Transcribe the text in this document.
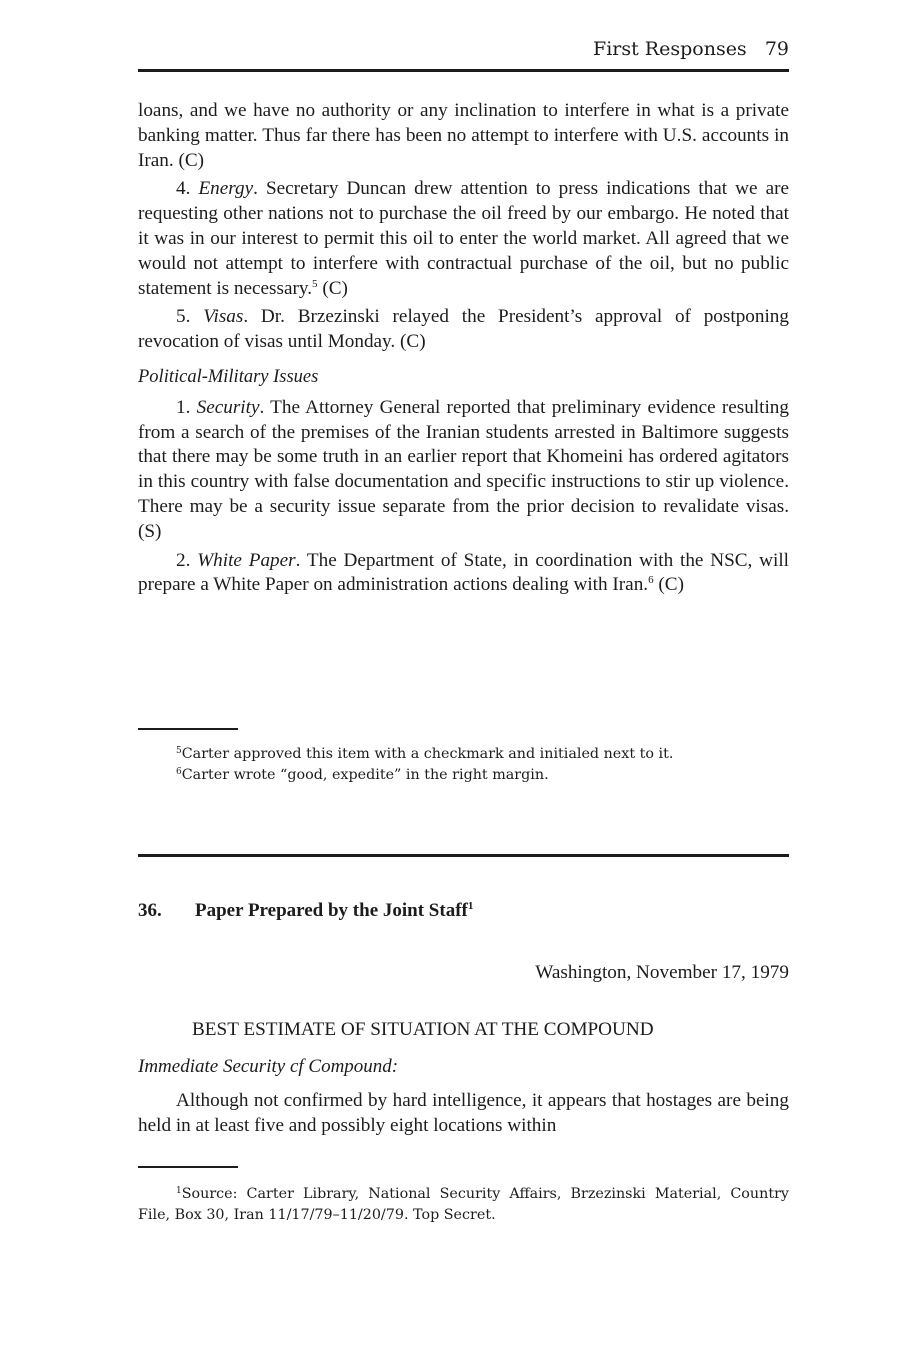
First Responses 79

loans, and we have no authority or any inclination to interfere in what is a private banking matter. Thus far there has been no attempt to interfere with U.S. accounts in Iran. (C)

4. Energy. Secretary Duncan drew attention to press indications that we are requesting other nations not to purchase the oil freed by our embargo. He noted that it was in our interest to permit this oil to enter the world market. All agreed that we would not attempt to interfere with contractual purchase of the oil, but no public statement is necessary.$^5$ (C)

5. Visas. Dr. Brzezinski relayed the President’s approval of postponing revocation of visas until Monday. (C)

Political-Military Issues

1. Security. The Attorney General reported that preliminary evidence resulting from a search of the premises of the Iranian students arrested in Baltimore suggests that there may be some truth in an earlier report that Khomeini has ordered agitators in this country with false documentation and specific instructions to stir up violence. There may be a security issue separate from the prior decision to revalidate visas. (S)

2. White Paper. The Department of State, in coordination with the NSC, will prepare a White Paper on administration actions dealing with Iran.$^6$ (C)

$^5$Carter approved this item with a checkmark and initialed next to it.

$^6$Carter wrote “good, expedite” in the right margin.

36. Paper Prepared by the Joint Staff$^1$
Washington, November 17, 1979
BEST ESTIMATE OF SITUATION AT THE COMPOUND
Immediate Security cf Compound:

Although not confirmed by hard intelligence, it appears that hostages are being held in at least five and possibly eight locations within

$^1$Source: Carter Library, National Security Affairs, Brzezinski Material, Country File, Box 30, Iran 11/17/79–11/20/79. Top Secret.
